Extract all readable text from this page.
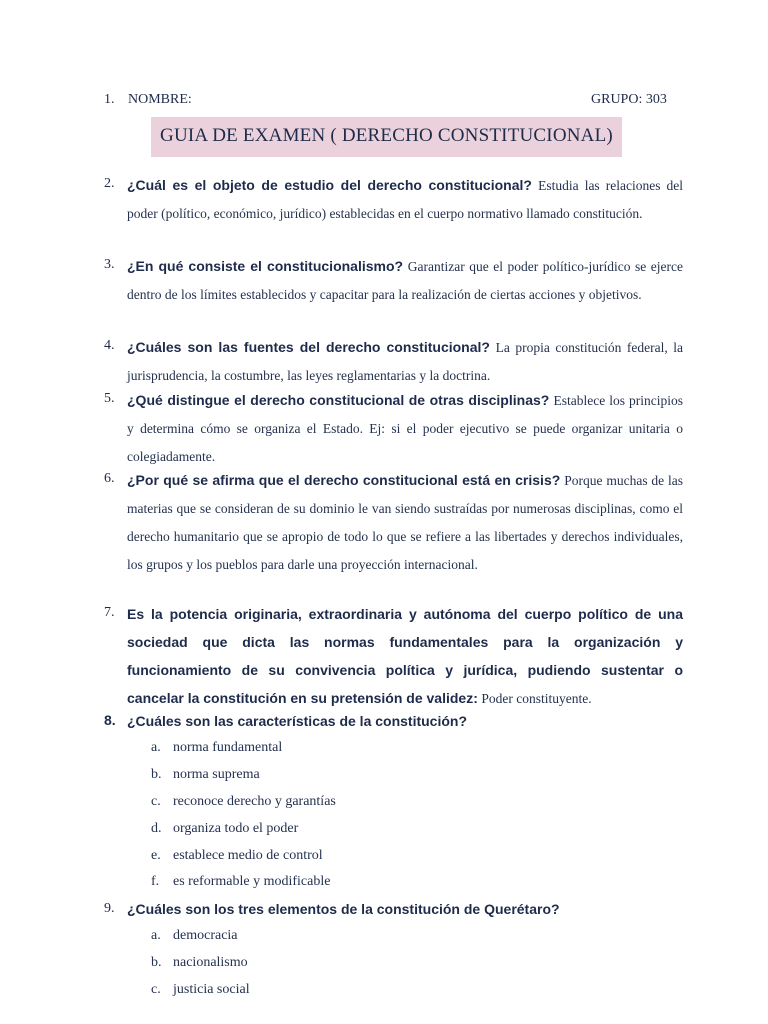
1. NOMBRE:	GRUPO: 303
GUIA DE EXAMEN ( DERECHO CONSTITUCIONAL)
2. ¿Cuál es el objeto de estudio del derecho constitucional? Estudia las relaciones del poder (político, económico, jurídico) establecidas en el cuerpo normativo llamado constitución.
3. ¿En qué consiste el constitucionalismo? Garantizar que el poder político-jurídico se ejerce dentro de los límites establecidos y capacitar para la realización de ciertas acciones y objetivos.
4. ¿Cuáles son las fuentes del derecho constitucional? La propia constitución federal, la jurisprudencia, la costumbre, las leyes reglamentarias y la doctrina.
5. ¿Qué distingue el derecho constitucional de otras disciplinas? Establece los principios y determina cómo se organiza el Estado. Ej: si el poder ejecutivo se puede organizar unitaria o colegiadamente.
6. ¿Por qué se afirma que el derecho constitucional está en crisis? Porque muchas de las materias que se consideran de su dominio le van siendo sustraídas por numerosas disciplinas, como el derecho humanitario que se apropio de todo lo que se refiere a las libertades y derechos individuales, los grupos y los pueblos para darle una proyección internacional.
7. Es la potencia originaria, extraordinaria y autónoma del cuerpo político de una sociedad que dicta las normas fundamentales para la organización y funcionamiento de su convivencia política y jurídica, pudiendo sustentar o cancelar la constitución en su pretensión de validez: Poder constituyente.
8. ¿Cuáles son las características de la constitución?
a. norma fundamental
b. norma suprema
c. reconoce derecho y garantías
d. organiza todo el poder
e. establece medio de control
f. es reformable y modificable
9. ¿Cuáles son los tres elementos de la constitución de Querétaro?
a. democracia
b. nacionalismo
c. justicia social
